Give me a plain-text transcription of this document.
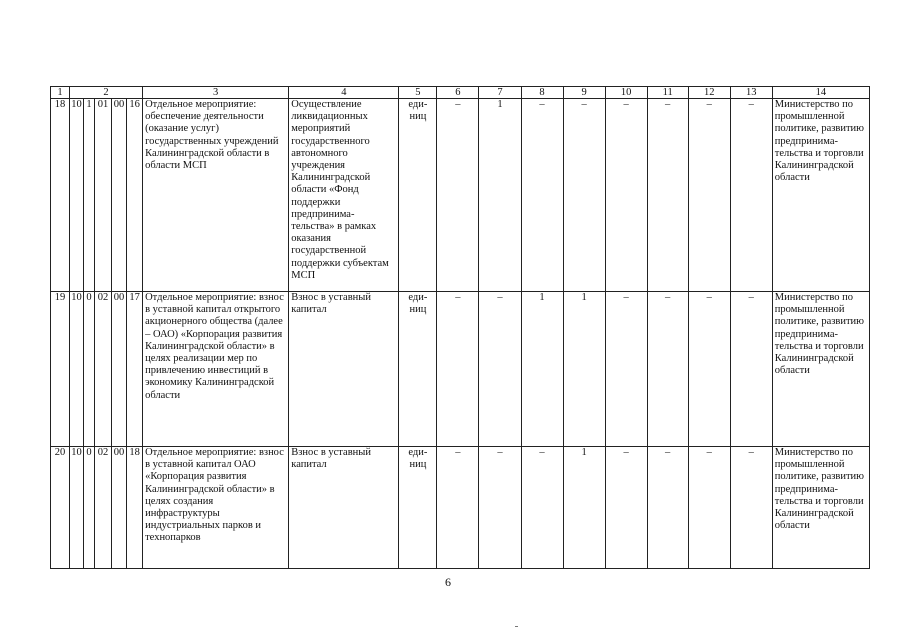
1	2					3	4	5	6	7	8	9	10	11	12	13	14
18	10	1	01	00	16	Отдельное мероприятие: обеспечение деятельности (оказание услуг) государственных учреждений Калининградской области в области МСП	Осуществление ликвидационных мероприятий государственного автономного учреждения Калининградской области «Фонд поддержки предпринима-тельства» в рамках оказания государственной поддержки субъектам МСП	еди-ниц	–	1	–	–	–	–	–	–	Министерство по промышленной политике, развитию предпринима-тельства и торговли Калининградской области
19	10	0	02	00	17	Отдельное мероприятие: взнос в уставной капитал открытого акционерного общества (далее – ОАО) «Корпорация развития Калининградской области» в целях реализации мер по привлечению инвестиций в экономику Калининградской области	Взнос в уставный капитал	еди-ниц	–	–	1	1	–	–	–	–	Министерство по промышленной политике, развитию предпринима-тельства и торговли Калининградской области
20	10	0	02	00	18	Отдельное мероприятие: взнос в уставной капитал ОАО «Корпорация развития Калининградской области» в целях создания инфраструктуры индустриальных парков и технопарков	Взнос в уставный капитал	еди-ниц	–	–	–	1	–	–	–	–	Министерство по промышленной политике, развитию предпринима-тельства и торговли Калининградской области
6
